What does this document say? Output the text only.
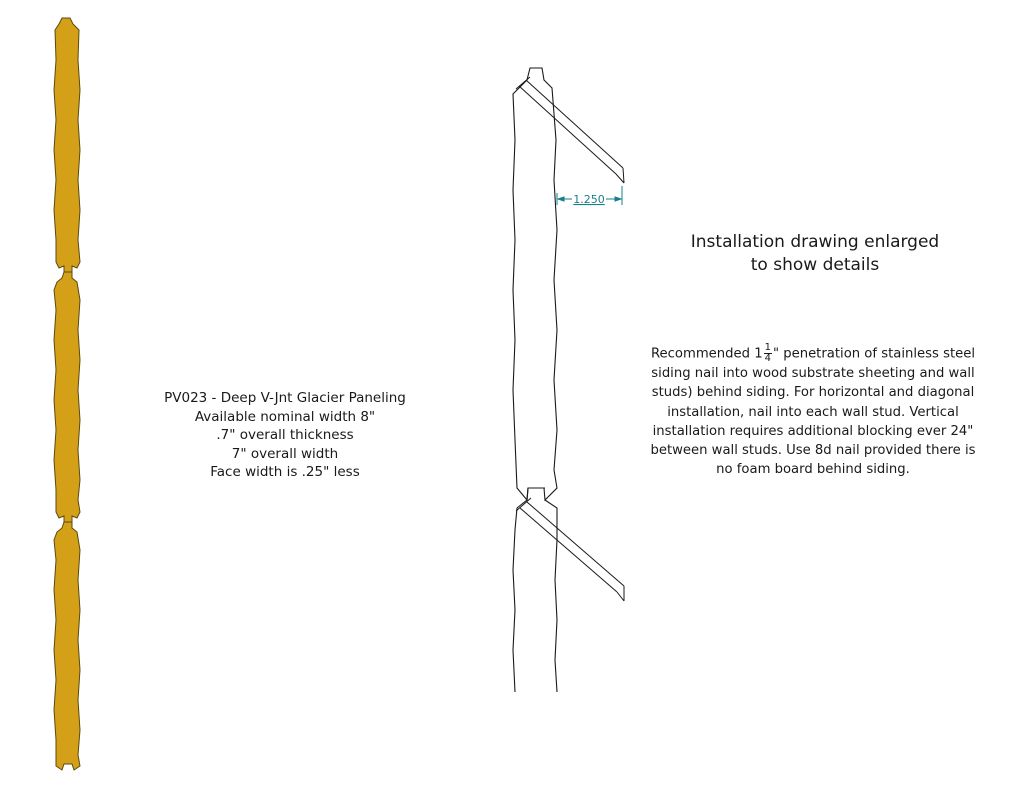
1.250
PV023 - Deep V-Jnt Glacier Paneling
Available nominal width 8"
.7" overall thickness
7" overall width
Face width is .25" less
Installation drawing enlarged
to show details
Recommended $1 \frac{1}{4}$ " penetration of stainless steel siding nail into wood substrate sheeting and wall studs) behind siding. For horizontal and diagonal installation, nail into each wall stud. Vertical installation requires additional blocking ever 24" between wall studs. Use 8d nail provided there is no foam board behind siding.
